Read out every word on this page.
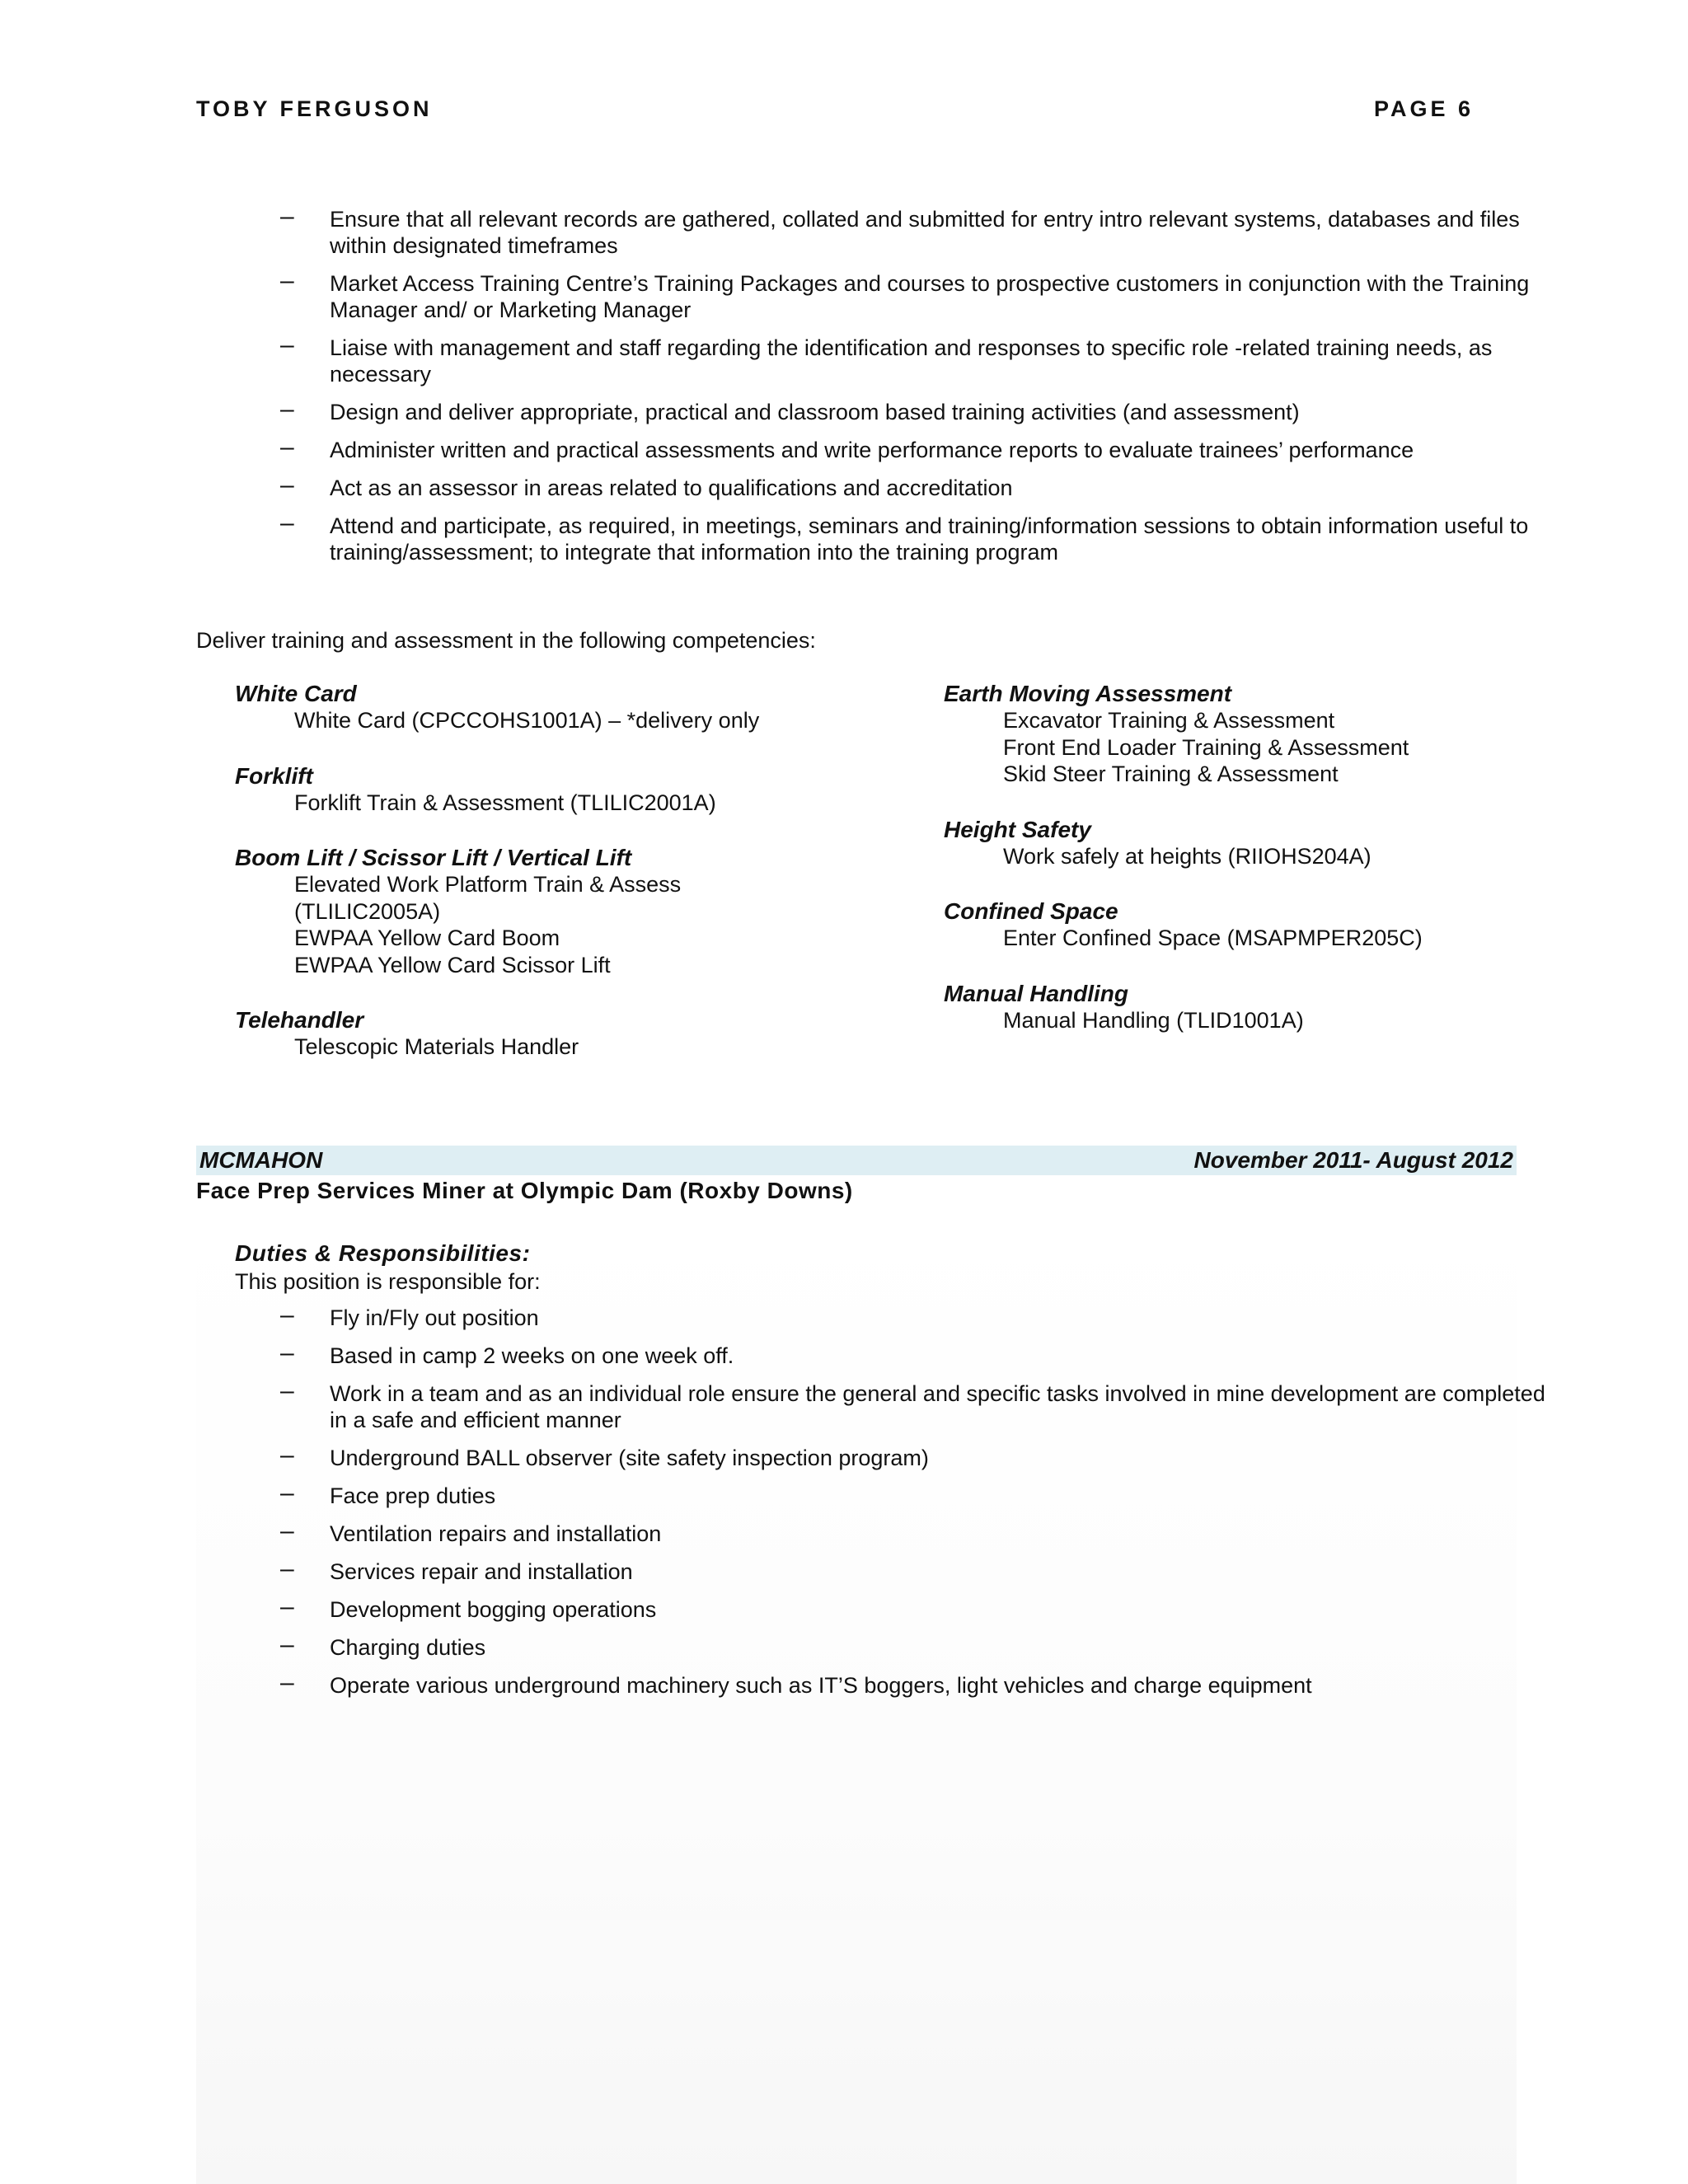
TOBY FERGUSON	PAGE 6
– Ensure that all relevant records are gathered, collated and submitted for entry intro relevant systems, databases and files within designated timeframes
– Market Access Training Centre’s Training Packages and courses to prospective customers in conjunction with the Training Manager and/ or Marketing Manager
– Liaise with management and staff regarding the identification and responses to specific role -related training needs, as necessary
– Design and deliver appropriate, practical and classroom based training activities (and assessment)
– Administer written and practical assessments and write performance reports to evaluate trainees’ performance
– Act as an assessor in areas related to qualifications and accreditation
– Attend and participate, as required, in meetings, seminars and training/information sessions to obtain information useful to training/assessment; to integrate that information into the training program
Deliver training and assessment in the following competencies:
White Card
White Card (CPCCOHS1001A) – *delivery only
Forklift
Forklift Train & Assessment (TLILIC2001A)
Boom Lift / Scissor Lift / Vertical Lift
Elevated Work Platform Train & Assess
(TLILIC2005A)
EWPAA Yellow Card Boom
EWPAA Yellow Card Scissor Lift
Telehandler
Telescopic Materials Handler
Earth Moving Assessment
Excavator Training & Assessment
Front End Loader Training & Assessment
Skid Steer Training & Assessment
Height Safety
Work safely at heights (RIIOHS204A)
Confined Space
Enter Confined Space (MSAPMPER205C)
Manual Handling
Manual Handling (TLID1001A)
MCMAHON	November 2011- August 2012
Face Prep Services Miner at Olympic Dam (Roxby Downs)
Duties & Responsibilities:
This position is responsible for:
– Fly in/Fly out position
– Based in camp 2 weeks on one week off.
– Work in a team and as an individual role ensure the general and specific tasks involved in mine development are completed in a safe and efficient manner
– Underground BALL observer (site safety inspection program)
– Face prep duties
– Ventilation repairs and installation
– Services repair and installation
– Development bogging operations
– Charging duties
– Operate various underground machinery such as IT’S boggers, light vehicles and charge equipment
